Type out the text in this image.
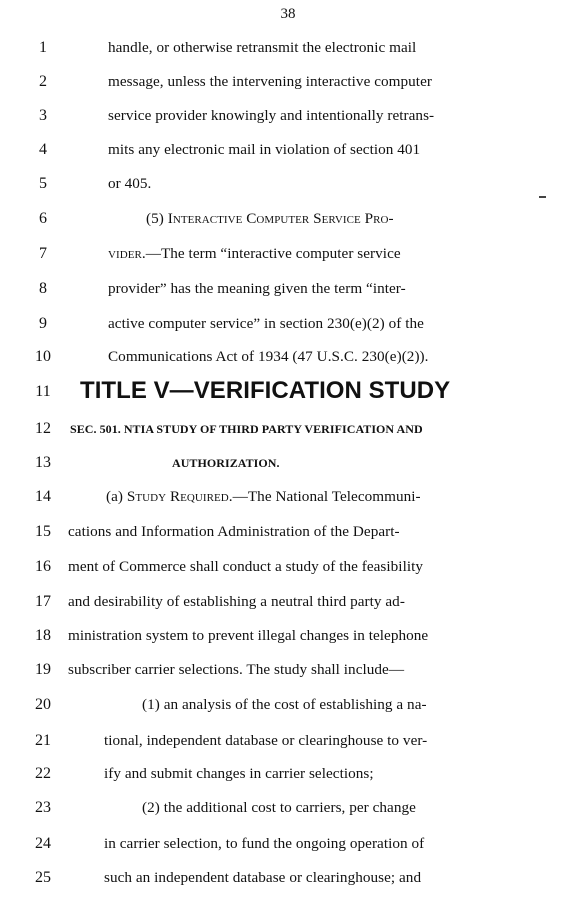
38
1	handle, or otherwise retransmit the electronic mail
2	message, unless the intervening interactive computer
3	service provider knowingly and intentionally retrans-
4	mits any electronic mail in violation of section 401
5	or 405.
6	(5) Interactive Computer Service Pro-
7	vider.—The term “interactive computer service
8	provider” has the meaning given the term “inter-
9	active computer service” in section 230(e)(2) of the
10	Communications Act of 1934 (47 U.S.C. 230(e)(2)).
11	TITLE V—VERIFICATION STUDY
12	SEC. 501. NTIA STUDY OF THIRD PARTY VERIFICATION AND
13	AUTHORIZATION.
14	(a) Study Required.—The National Telecommuni-
15	cations and Information Administration of the Depart-
16	ment of Commerce shall conduct a study of the feasibility
17	and desirability of establishing a neutral third party ad-
18	ministration system to prevent illegal changes in telephone
19	subscriber carrier selections. The study shall include—
20	(1) an analysis of the cost of establishing a na-
21	tional, independent database or clearinghouse to ver-
22	ify and submit changes in carrier selections;
23	(2) the additional cost to carriers, per change
24	in carrier selection, to fund the ongoing operation of
25	such an independent database or clearinghouse; and
